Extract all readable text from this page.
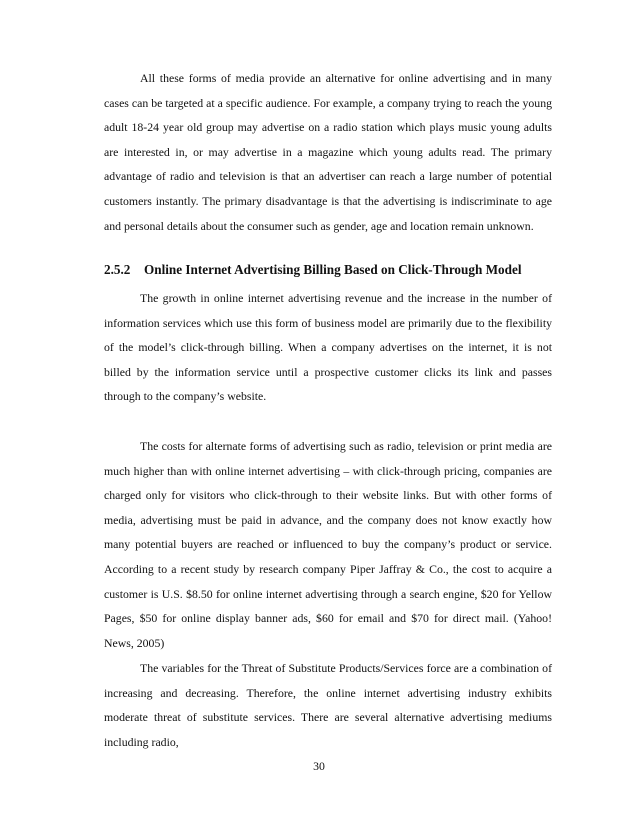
All these forms of media provide an alternative for online advertising and in many cases can be targeted at a specific audience. For example, a company trying to reach the young adult 18-24 year old group may advertise on a radio station which plays music young adults are interested in, or may advertise in a magazine which young adults read. The primary advantage of radio and television is that an advertiser can reach a large number of potential customers instantly. The primary disadvantage is that the advertising is indiscriminate to age and personal details about the consumer such as gender, age and location remain unknown.

2.5.2 Online Internet Advertising Billing Based on Click-Through Model

The growth in online internet advertising revenue and the increase in the number of information services which use this form of business model are primarily due to the flexibility of the model’s click-through billing. When a company advertises on the internet, it is not billed by the information service until a prospective customer clicks its link and passes through to the company’s website.

The costs for alternate forms of advertising such as radio, television or print media are much higher than with online internet advertising – with click-through pricing, companies are charged only for visitors who click-through to their website links. But with other forms of media, advertising must be paid in advance, and the company does not know exactly how many potential buyers are reached or influenced to buy the company’s product or service. According to a recent study by research company Piper Jaffray & Co., the cost to acquire a customer is U.S. $8.50 for online internet advertising through a search engine, $20 for Yellow Pages, $50 for online display banner ads, $60 for email and $70 for direct mail. (Yahoo! News, 2005)

The variables for the Threat of Substitute Products/Services force are a combination of increasing and decreasing. Therefore, the online internet advertising industry exhibits moderate threat of substitute services. There are several alternative advertising mediums including radio,

30
